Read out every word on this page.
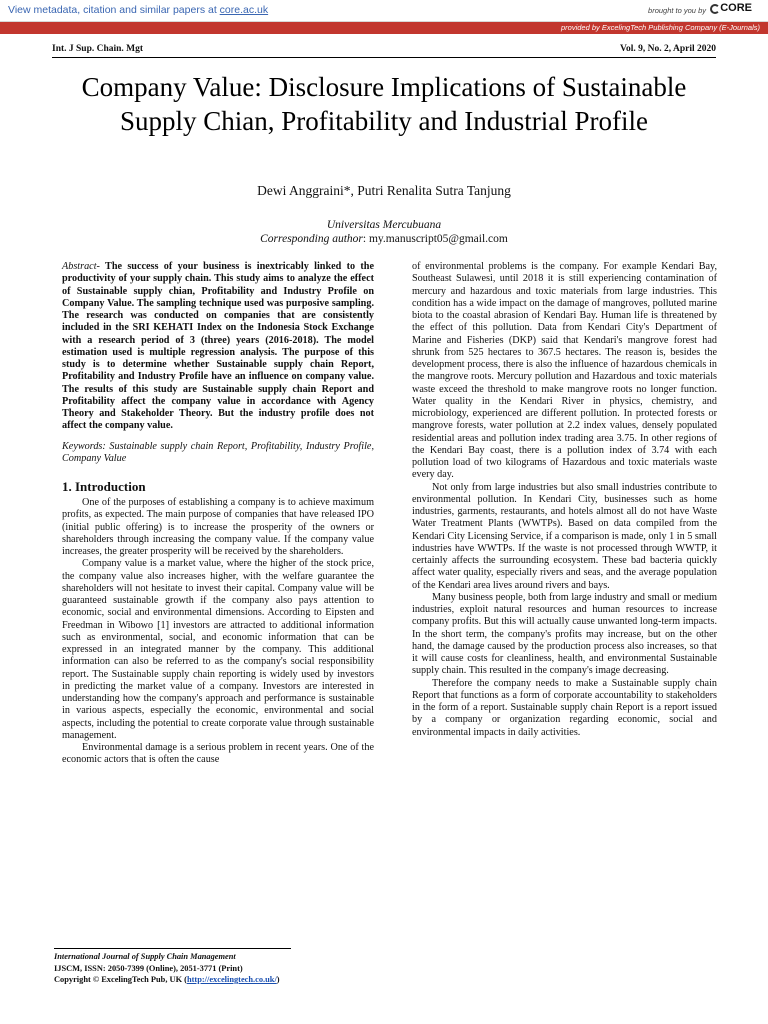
View metadata, citation and similar papers at core.ac.uk	brought to you by CORE
provided by ExcelingTech Publishing Company (E-Journals)
Int. J Sup. Chain. Mgt	Vol. 9, No. 2, April 2020
Company Value: Disclosure Implications of Sustainable Supply Chian, Profitability and Industrial Profile
Dewi Anggraini*, Putri Renalita Sutra Tanjung
Universitas Mercubuana
Corresponding author: my.manuscript05@gmail.com

Abstract- The success of your business is inextricably linked to the productivity of your supply chain. This study aims to analyze the effect of Sustainable supply chian, Profitability and Industry Profile on Company Value. The sampling technique used was purposive sampling. The research was conducted on companies that are consistently included in the SRI KEHATI Index on the Indonesia Stock Exchange with a research period of 3 (three) years (2016-2018). The model estimation used is multiple regression analysis. The purpose of this study is to determine whether Sustainable supply chain Report, Profitability and Industry Profile have an influence on company value. The results of this study are Sustainable supply chain Report and Profitability affect the company value in accordance with Agency Theory and Stakeholder Theory. But the industry profile does not affect the company value.

Keywords: Sustainable supply chain Report, Profitability, Industry Profile, Company Value

1. Introduction

One of the purposes of establishing a company is to achieve maximum profits, as expected. The main purpose of companies that have released IPO (initial public offering) is to increase the prosperity of the owners or shareholders through increasing the company value. If the company value increases, the greater prosperity will be received by the shareholders.

Company value is a market value, where the higher of the stock price, the company value also increases higher, with the welfare guarantee the shareholders will not hesitate to invest their capital. Company value will be guaranteed sustainable growth if the company also pays attention to economic, social and environmental dimensions. According to Eipsten and Freedman in Wibowo [1] investors are attracted to additional information such as environmental, social, and economic information that can be expressed in an integrated manner by the company. This additional information can also be referred to as the company's social responsibility report. The Sustainable supply chain reporting is widely used by investors in predicting the market value of a company. Investors are interested in understanding how the company's approach and performance is sustainable in various aspects, especially the economic, environmental and social aspects, including the potential to create corporate value through sustainable management.

Environmental damage is a serious problem in recent years. One of the economic actors that is often the cause

of environmental problems is the company. For example Kendari Bay, Southeast Sulawesi, until 2018 it is still experiencing contamination of mercury and hazardous and toxic materials from large industries. This condition has a wide impact on the damage of mangroves, polluted marine biota to the coastal abrasion of Kendari Bay. Human life is threatened by the effect of this pollution. Data from Kendari City's Department of Marine and Fisheries (DKP) said that Kendari's mangrove forest had shrunk from 525 hectares to 367.5 hectares. The reason is, besides the development process, there is also the influence of hazardous chemicals in the mangrove roots. Mercury pollution and Hazardous and toxic materials waste exceed the threshold to make mangrove roots no longer function. Water quality in the Kendari River in physics, chemistry, and microbiology, experienced are different pollution. In protected forests or mangrove forests, water pollution at 2.2 index values, densely populated residential areas and pollution index trading area 3.75. In other regions of the Kendari Bay coast, there is a pollution index of 3.74 with each pollution load of two kilograms of Hazardous and toxic materials waste every day.

Not only from large industries but also small industries contribute to environmental pollution. In Kendari City, businesses such as home industries, garments, restaurants, and hotels almost all do not have Waste Water Treatment Plants (WWTPs). Based on data compiled from the Kendari City Licensing Service, if a comparison is made, only 1 in 5 small industries have WWTPs. If the waste is not processed through WWTP, it certainly affects the surrounding ecosystem. These bad bacteria quickly affect water quality, especially rivers and seas, and the average population of the Kendari area lives around rivers and bays.

Many business people, both from large industry and small or medium industries, exploit natural resources and human resources to increase company profits. But this will actually cause unwanted long-term impacts. In the short term, the company's profits may increase, but on the other hand, the damage caused by the production process also increases, so that it will cause costs for cleanliness, health, and environmental Sustainable supply chain. This resulted in the company's image decreasing.

Therefore the company needs to make a Sustainable supply chain Report that functions as a form of corporate accountability to stakeholders in the form of a report. Sustainable supply chain Report is a report issued by a company or organization regarding economic, social and environmental impacts in daily activities.

International Journal of Supply Chain Management
IJSCM, ISSN: 2050-7399 (Online), 2051-3771 (Print)
Copyright © ExcelingTech Pub, UK (http://excelingtech.co.uk/)
